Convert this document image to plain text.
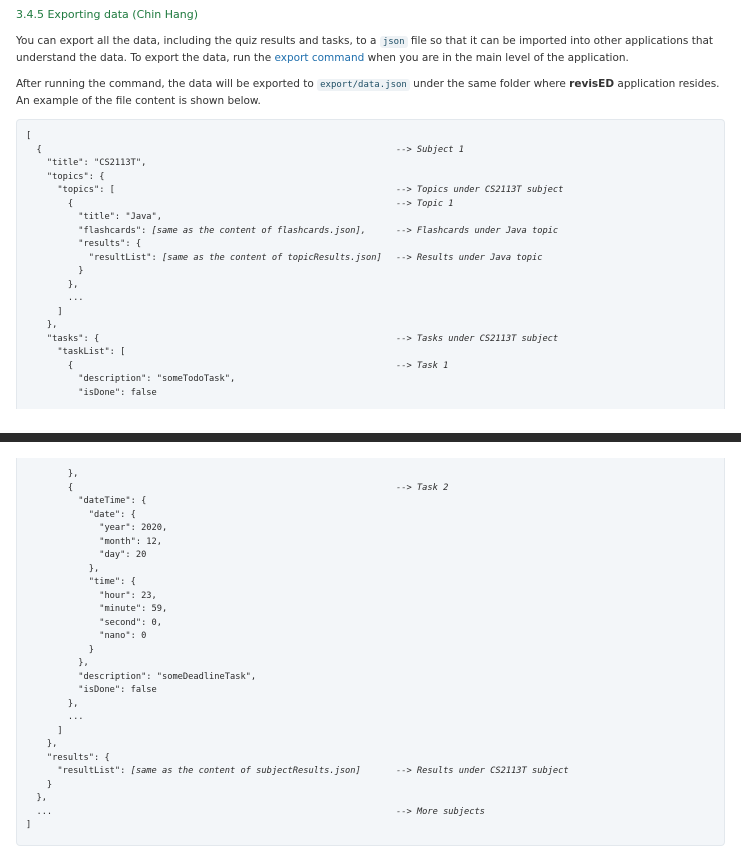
3.4.5 Exporting data (Chin Hang)

You can export all the data, including the quiz results and tasks, to a json file so that it can be imported into other applications that understand the data. To export the data, run the export command when you are in the main level of the application.

After running the command, the data will be exported to export/data.json under the same folder where revisED application resides. An example of the file content is shown below.

[
{	--> Subject 1
"title": "CS2113T",
"topics": {
"topics": [	--> Topics under CS2113T subject
{	--> Topic 1
"title": "Java",
"flashcards": [same as the content of flashcards.json],	--> Flashcards under Java topic
"results": {
"resultList": [same as the content of topicResults.json] --> Results under Java topic
}
},
...
]
},
"tasks": {	--> Tasks under CS2113T subject
"taskList": [
{	--> Task 1
"description": "someTodoTask",
"isDone": false
},
{	--> Task 2
"dateTime": {
"date": {
"year": 2020,
"month": 12,
"day": 20
},
"time": {
"hour": 23,
"minute": 59,
"second": 0,
"nano": 0
}
},
"description": "someDeadlineTask",
"isDone": false
},
...
]
},
"results": {
"resultList": [same as the content of subjectResults.json]	--> Results under CS2113T subject
}
},
...	--> More subjects
]
